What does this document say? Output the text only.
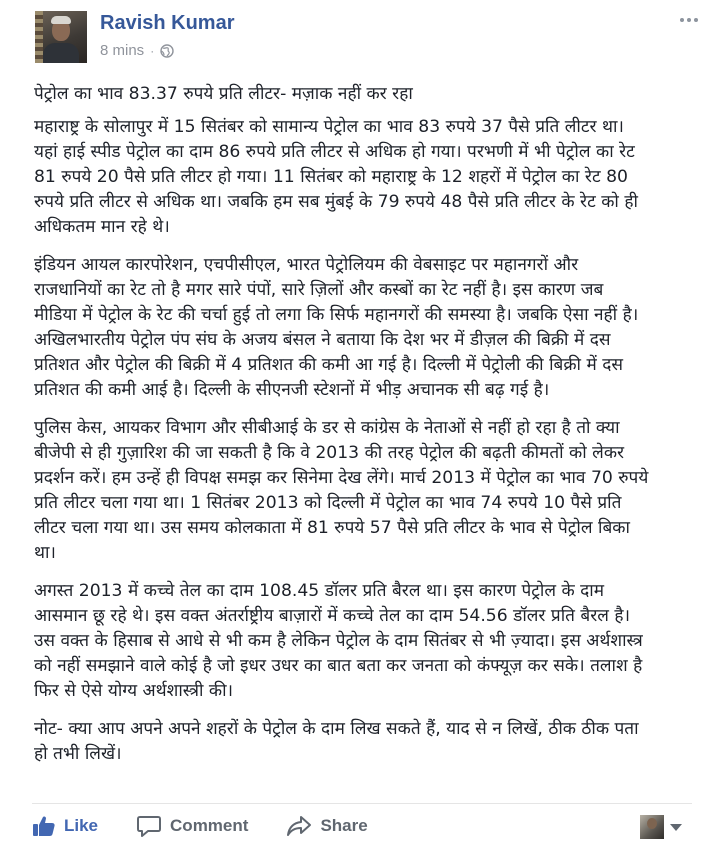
Ravish Kumar
8 mins ·

पेट्रोल का भाव 83.37 रुपये प्रति लीटर- मज़ाक नहीं कर रहा

महाराष्ट्र के सोलापुर में 15 सितंबर को सामान्य पेट्रोल का भाव 83 रुपये 37 पैसे प्रति लीटर था।
यहां हाई स्पीड पेट्रोल का दाम 86 रुपये प्रति लीटर से अधिक हो गया। परभणी में भी पेट्रोल का रेट
81 रुपये 20 पैसे प्रति लीटर हो गया। 11 सितंबर को महाराष्ट्र के 12 शहरों में पेट्रोल का रेट 80
रुपये प्रति लीटर से अधिक था। जबकि हम सब मुंबई के 79 रुपये 48 पैसे प्रति लीटर के रेट को ही
अधिकतम मान रहे थे।

इंडियन आयल कारपोरेशन, एचपीसीएल, भारत पेट्रोलियम की वेबसाइट पर महानगरों और
राजधानियों का रेट तो है मगर सारे पंपों, सारे ज़िलों और कस्बों का रेट नहीं है। इस कारण जब
मीडिया में पेट्रोल के रेट की चर्चा हुई तो लगा कि सिर्फ महानगरों की समस्या है। जबकि ऐसा नहीं है।
अखिलभारतीय पेट्रोल पंप संघ के अजय बंसल ने बताया कि देश भर में डीज़ल की बिक्री में दस
प्रतिशत और पेट्रोल की बिक्री में 4 प्रतिशत की कमी आ गई है। दिल्ली में पेट्रोली की बिक्री में दस
प्रतिशत की कमी आई है। दिल्ली के सीएनजी स्टेशनों में भीड़ अचानक सी बढ़ गई है।

पुलिस केस, आयकर विभाग और सीबीआई के डर से कांग्रेस के नेताओं से नहीं हो रहा है तो क्या
बीजेपी से ही गुज़ारिश की जा सकती है कि वे 2013 की तरह पेट्रोल की बढ़ती कीमतों को लेकर
प्रदर्शन करें। हम उन्हें ही विपक्ष समझ कर सिनेमा देख लेंगे। मार्च 2013 में पेट्रोल का भाव 70 रुपये
प्रति लीटर चला गया था। 1 सितंबर 2013 को दिल्ली में पेट्रोल का भाव 74 रुपये 10 पैसे प्रति
लीटर चला गया था। उस समय कोलकाता में 81 रुपये 57 पैसे प्रति लीटर के भाव से पेट्रोल बिका
था।

अगस्त 2013 में कच्चे तेल का दाम 108.45 डॉलर प्रति बैरल था। इस कारण पेट्रोल के दाम
आसमान छू रहे थे। इस वक्त अंतर्राष्ट्रीय बाज़ारों में कच्चे तेल का दाम 54.56 डॉलर प्रति बैरल है।
उस वक्त के हिसाब से आधे से भी कम है लेकिन पेट्रोल के दाम सितंबर से भी ज़्यादा। इस अर्थशास्त्र
को नहीं समझाने वाले कोई है जो इधर उधर का बात बता कर जनता को कंफ्यूज़ कर सके। तलाश है
फिर से ऐसे योग्य अर्थशास्त्री की।

नोट- क्या आप अपने अपने शहरों के पेट्रोल के दाम लिख सकते हैं, याद से न लिखें, ठीक ठीक पता
हो तभी लिखें।

Like	Comment	Share
